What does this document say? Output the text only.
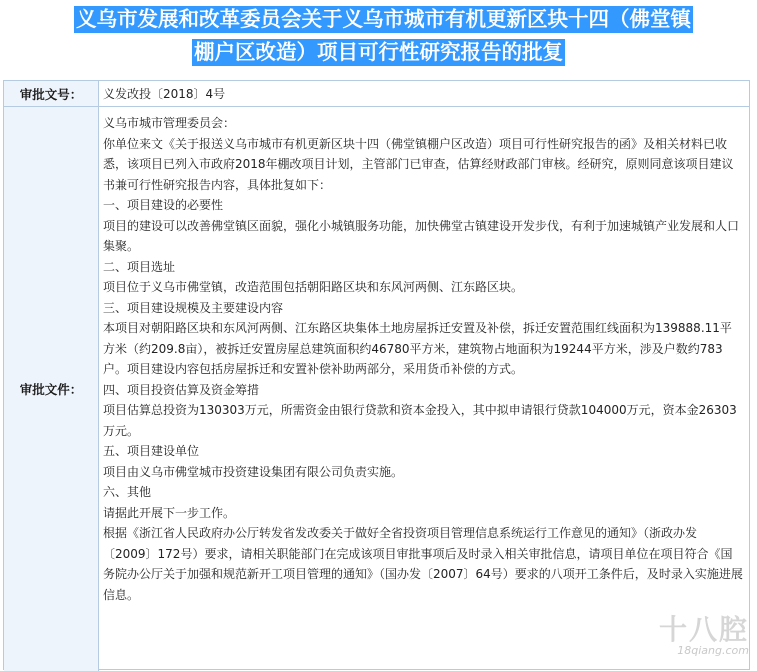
义乌市发展和改革委员会关于义乌市城市有机更新区块十四（佛堂镇
棚户区改造）项目可行性研究报告的批复
审批文号：	义发改投〔2018〕4号
审批文件：

义乌市城市管理委员会：

你单位来文《关于报送义乌市城市有机更新区块十四（佛堂镇棚户区改造）项目可行性研究报告的函》及相关材料已收悉，该项目已列入市政府2018年棚改项目计划，主管部门已审查，估算经财政部门审核。经研究，原则同意该项目建议书兼可行性研究报告内容，具体批复如下：

一、项目建设的必要性

项目的建设可以改善佛堂镇区面貌，强化小城镇服务功能，加快佛堂古镇建设开发步伐，有利于加速城镇产业发展和人口集聚。

二、项目选址

项目位于义乌市佛堂镇，改造范围包括朝阳路区块和东风河两侧、江东路区块。

三、项目建设规模及主要建设内容

本项目对朝阳路区块和东风河两侧、江东路区块集体土地房屋拆迁安置及补偿，拆迁安置范围红线面积为139888.11平方米（约209.8亩），被拆迁安置房屋总建筑面积约46780平方米，建筑物占地面积为19244平方米，涉及户数约783户。项目建设内容包括房屋拆迁和安置补偿补助两部分，采用货币补偿的方式。

四、项目投资估算及资金筹措

项目估算总投资为130303万元，所需资金由银行贷款和资本金投入，其中拟申请银行贷款104000万元，资本金26303万元。

五、项目建设单位

项目由义乌市佛堂城市投资建设集团有限公司负责实施。

六、其他

请据此开展下一步工作。

根据《浙江省人民政府办公厅转发省发改委关于做好全省投资项目管理信息系统运行工作意见的通知》（浙政办发〔2009〕172号）要求，请相关职能部门在完成该项目审批事项后及时录入相关审批信息，请项目单位在项目符合《国务院办公厅关于加强和规范新开工项目管理的通知》（国办发〔2007〕64号）要求的八项开工条件后，及时录入实施进展信息。

十八腔
18qiang.com
